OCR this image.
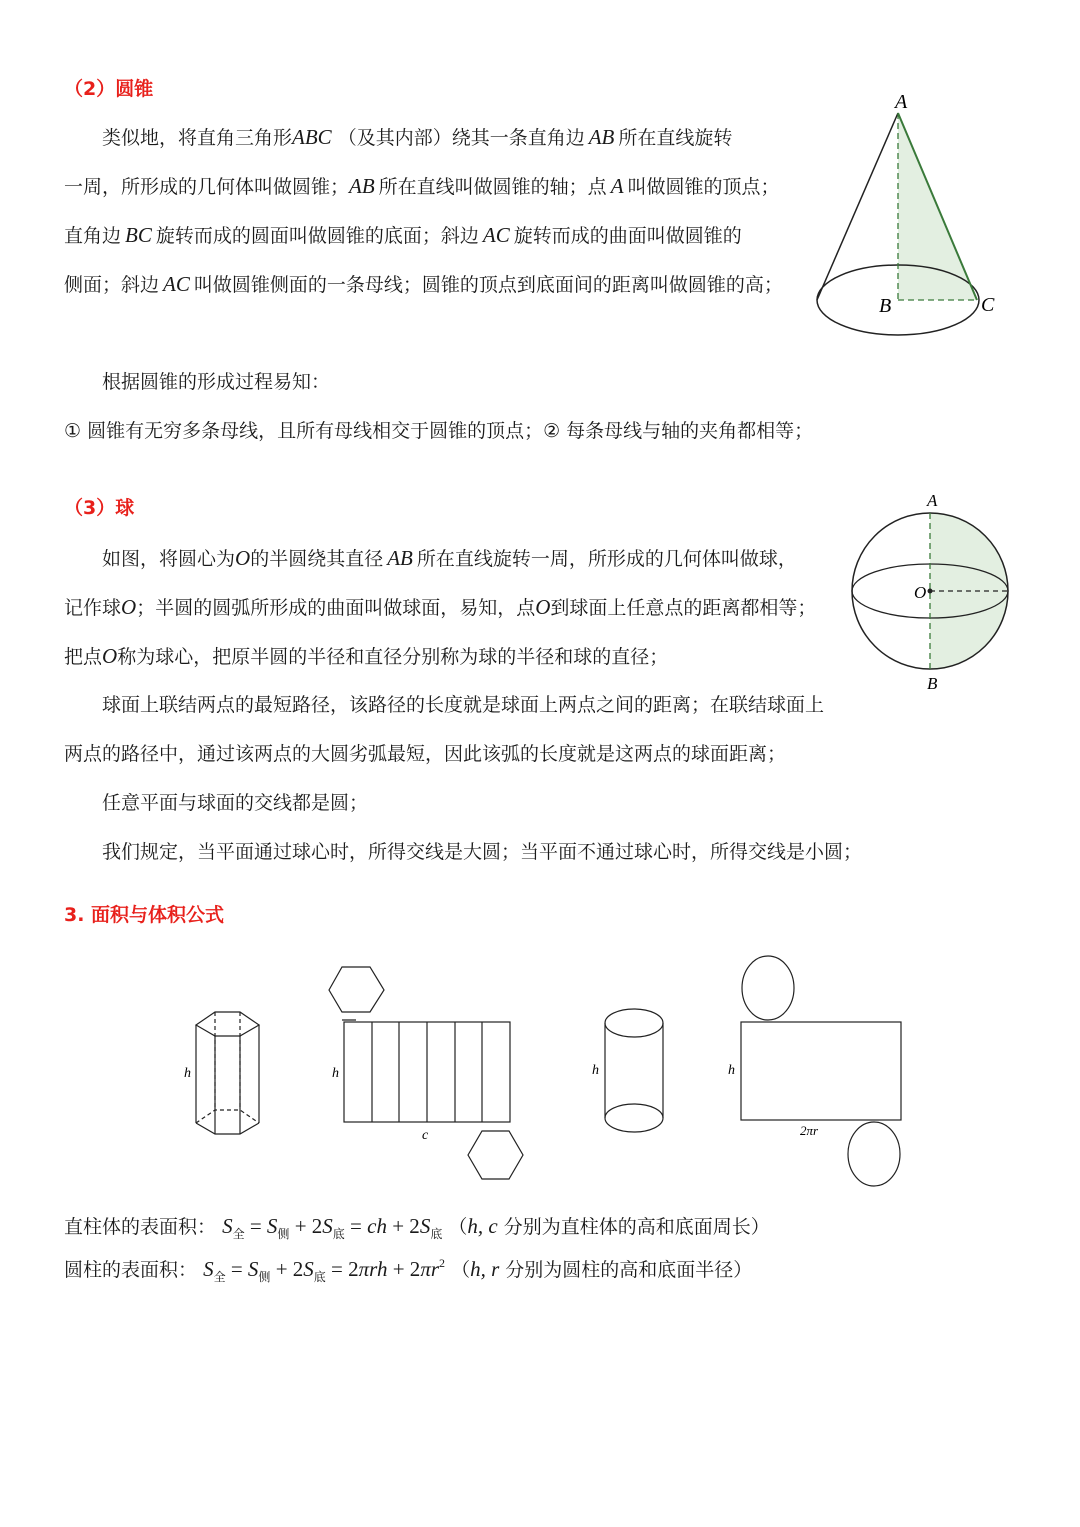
（2）圆锥
类似地，将直角三角形ABC （及其内部）绕其一条直角边 AB 所在直线旋转
一周，所形成的几何体叫做圆锥；AB 所在直线叫做圆锥的轴；点 A 叫做圆锥的顶点；
直角边 BC 旋转而成的圆面叫做圆锥的底面；斜边 AC 旋转而成的曲面叫做圆锥的
侧面；斜边 AC 叫做圆锥侧面的一条母线；圆锥的顶点到底面间的距离叫做圆锥的高；
A
B	C
根据圆锥的形成过程易知：
① 圆锥有无穷多条母线，且所有母线相交于圆锥的顶点；② 每条母线与轴的夹角都相等；
（3）球
如图，将圆心为O的半圆绕其直径 AB 所在直线旋转一周，所形成的几何体叫做球，
记作球O；半圆的圆弧所形成的曲面叫做球面，易知，点O到球面上任意点的距离都相等；
把点O称为球心，把原半圆的半径和直径分别称为球的半径和球的直径；
球面上联结两点的最短路径，该路径的长度就是球面上两点之间的距离；在联结球面上
两点的路径中，通过该两点的大圆劣弧最短，因此该弧的长度就是这两点的球面距离；
任意平面与球面的交线都是圆；
我们规定，当平面通过球心时，所得交线是大圆；当平面不通过球心时，所得交线是小圆；
A
O
B
3. 面积与体积公式
h	h
c
h	h
2πr
直柱体的表面积： $S_全 = S_侧 + 2S_底$ = ch + $2S_底$ （h, c 分别为直柱体的高和底面周长）
圆柱的表面积： $S_全 = S_侧 + 2S_底 = 2\pi rh + 2\pi r^2$ （h, r 分别为圆柱的高和底面半径）
